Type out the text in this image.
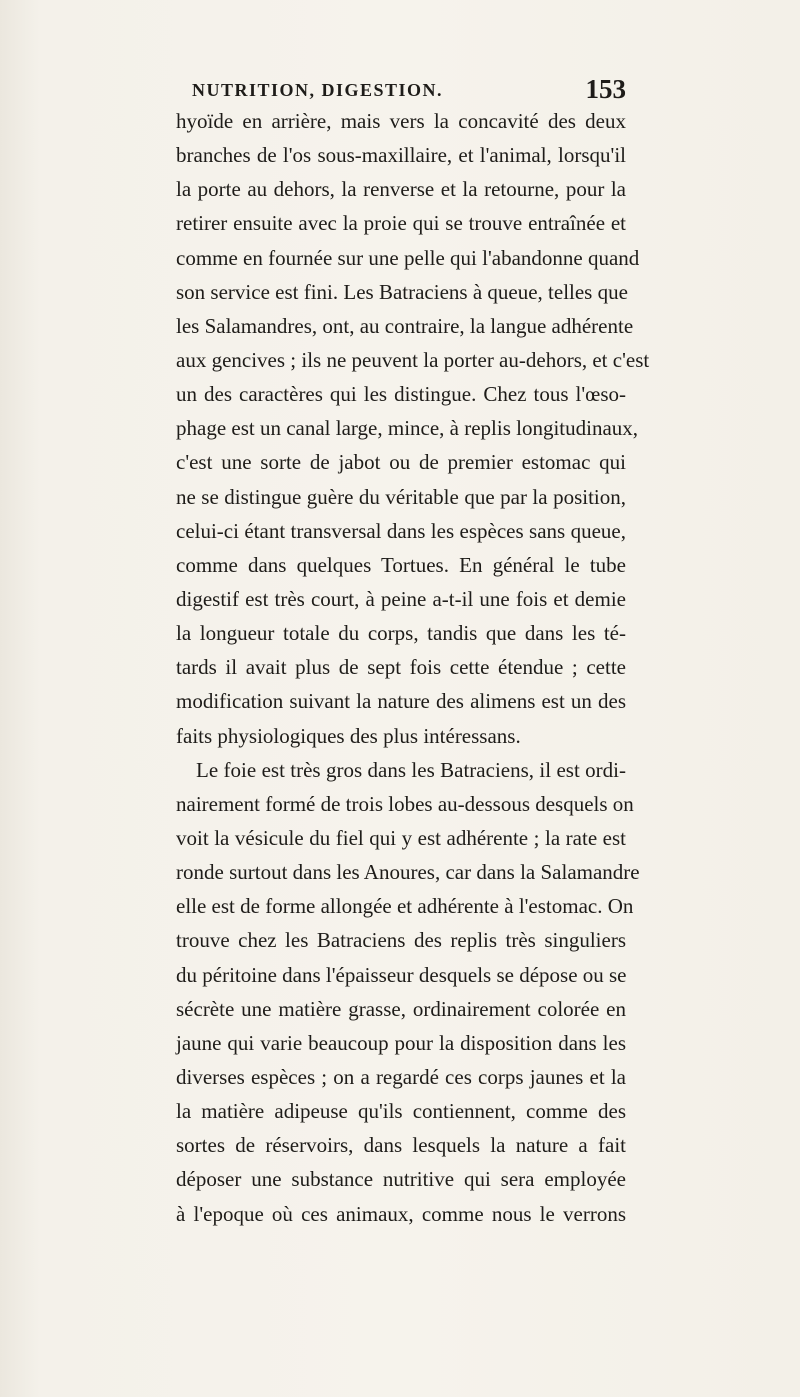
NUTRITION, DIGESTION.	153
hyoïde en arrière, mais vers la concavité des deux
branches de l'os sous-maxillaire, et l'animal, lorsqu'il
la porte au dehors, la renverse et la retourne, pour la
retirer ensuite avec la proie qui se trouve entraînée et
comme en fournée sur une pelle qui l'abandonne quand
son service est fini. Les Batraciens à queue, telles que
les Salamandres, ont, au contraire, la langue adhérente
aux gencives ; ils ne peuvent la porter au-dehors, et c'est
un des caractères qui les distingue. Chez tous l'œso-
phage est un canal large, mince, à replis longitudinaux,
c'est une sorte de jabot ou de premier estomac qui
ne se distingue guère du véritable que par la position,
celui-ci étant transversal dans les espèces sans queue,
comme dans quelques Tortues. En général le tube
digestif est très court, à peine a-t-il une fois et demie
la longueur totale du corps, tandis que dans les té-
tards il avait plus de sept fois cette étendue ; cette
modification suivant la nature des alimens est un des
faits physiologiques des plus intéressans.
Le foie est très gros dans les Batraciens, il est ordi-
nairement formé de trois lobes au-dessous desquels on
voit la vésicule du fiel qui y est adhérente ; la rate est
ronde surtout dans les Anoures, car dans la Salamandre
elle est de forme allongée et adhérente à l'estomac. On
trouve chez les Batraciens des replis très singuliers
du péritoine dans l'épaisseur desquels se dépose ou se
sécrète une matière grasse, ordinairement colorée en
jaune qui varie beaucoup pour la disposition dans les
diverses espèces ; on a regardé ces corps jaunes et la
la matière adipeuse qu'ils contiennent, comme des
sortes de réservoirs, dans lesquels la nature a fait
déposer une substance nutritive qui sera employée
à l'epoque où ces animaux, comme nous le verrons
